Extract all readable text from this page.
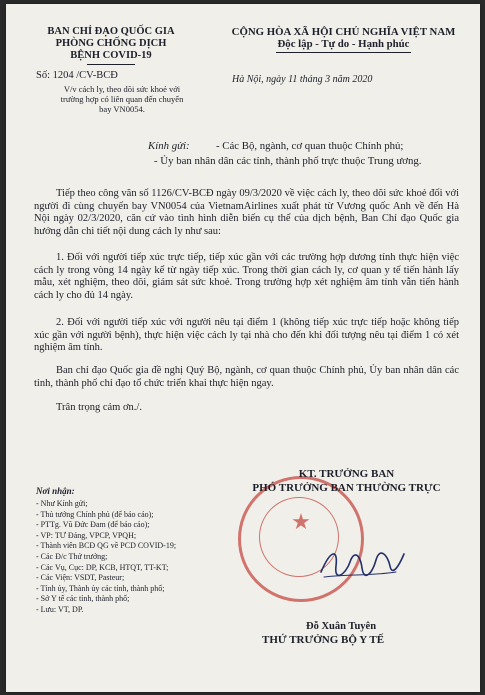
BAN CHỈ ĐẠO QUỐC GIA
PHÒNG CHỐNG DỊCH
BỆNH COVID-19
Số: 1204 /CV-BCĐ
V/v cách ly, theo dõi sức khoẻ với
trường hợp có liên quan đến chuyến
bay VN0054.
CỘNG HÒA XÃ HỘI CHỦ NGHĨA VIỆT NAM
Độc lập - Tự do - Hạnh phúc
Hà Nội, ngày 11 tháng 3 năm 2020
Kính gửi: - Các Bộ, ngành, cơ quan thuộc Chính phủ;
- Ủy ban nhân dân các tỉnh, thành phố trực thuộc Trung ương.
Tiếp theo công văn số 1126/CV-BCĐ ngày 09/3/2020 về việc cách ly, theo dõi sức khoẻ đối với người đi cùng chuyến bay VN0054 của VietnamAirlines xuất phát từ Vương quốc Anh về đến Hà Nội ngày 02/3/2020, căn cứ vào tình hình diễn biến cụ thể của dịch bệnh, Ban Chỉ đạo Quốc gia hướng dẫn chi tiết nội dung cách ly như sau:
1. Đối với người tiếp xúc trực tiếp, tiếp xúc gần với các trường hợp dương tính thực hiện việc cách ly trong vòng 14 ngày kể từ ngày tiếp xúc. Trong thời gian cách ly, cơ quan y tế tiến hành lấy mẫu, xét nghiệm, theo dõi, giám sát sức khoẻ. Trong trường hợp xét nghiệm âm tính vẫn tiến hành cách ly cho đủ 14 ngày.
2. Đối với người tiếp xúc với người nêu tại điểm 1 (không tiếp xúc trực tiếp hoặc không tiếp xúc gần với người bệnh), thực hiện việc cách ly tại nhà cho đến khi đối tượng nêu tại điểm 1 có xét nghiệm âm tính.
Ban chỉ đạo Quốc gia đề nghị Quý Bộ, ngành, cơ quan thuộc Chính phủ, Ủy ban nhân dân các tỉnh, thành phố chỉ đạo tổ chức triển khai thực hiện ngay.
Trân trọng cảm ơn./.
Nơi nhận:
- Như Kính gửi;
- Thủ tướng Chính phủ (để báo cáo);
- PTTg. Vũ Đức Đam (để báo cáo);
- VP: TƯ Đảng, VPCP, VPQH;
- Thành viên BCĐ QG về PCD COVID-19;
- Các Đ/c Thứ trưởng;
- Các Vụ, Cục: DP, KCB, HTQT, TT-KT;
- Các Viện: VSDT, Pasteur;
- Tỉnh ủy, Thành ủy các tỉnh, thành phố;
- Sở Y tế các tỉnh, thành phố;
- Lưu: VT, DP.
★
KT. TRƯỞNG BAN
PHÓ TRƯỞNG BAN THƯỜNG TRỰC
Đỗ Xuân Tuyên
THỨ TRƯỞNG BỘ Y TẾ
